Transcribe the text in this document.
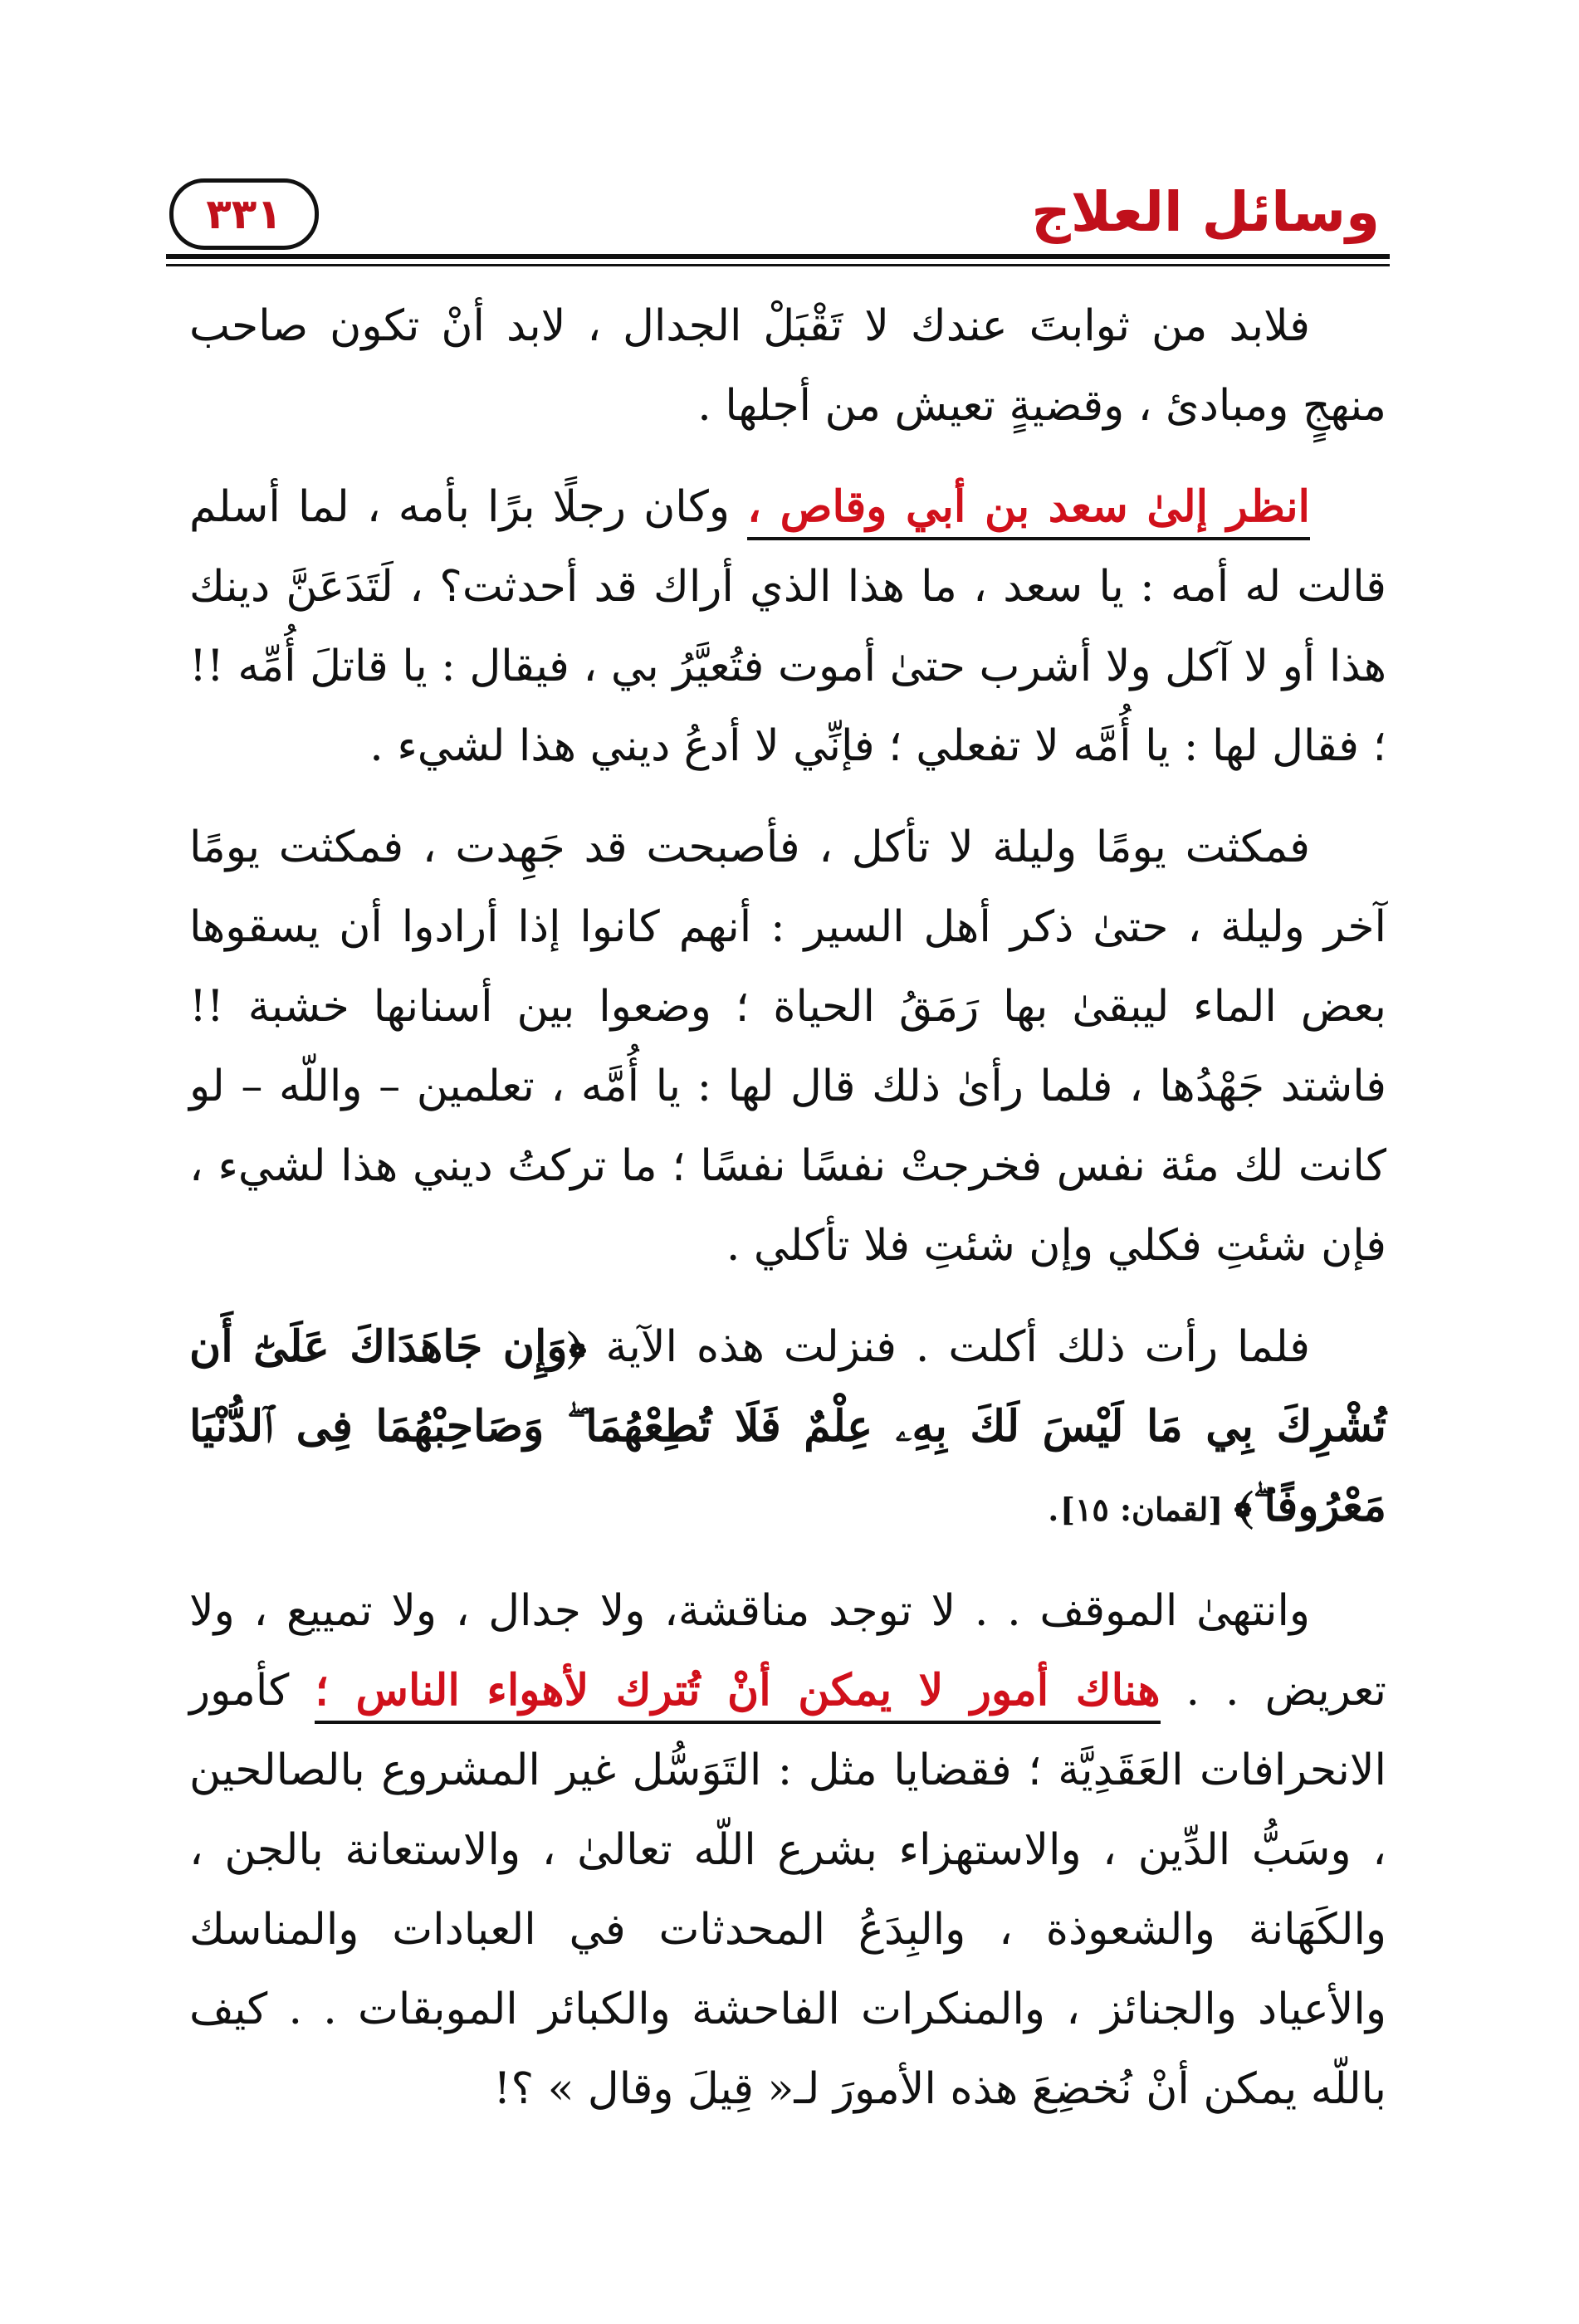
وسائل العلاج
٣٣١

فلابد من ثوابتَ عندك لا تَقْبَلْ الجدال ، لابد أنْ تكون صاحب منهجٍ ومبادئ ، وقضيةٍ تعيش من أجلها .

انظر إلىٰ سعد بن أبي وقاص ، وكان رجلًا برًا بأمه ، لما أسلم قالت له أمه : يا سعد ، ما هذا الذي أراك قد أحدثت؟ ، لَتَدَعَنَّ دينك هذا أو لا آكل ولا أشرب حتىٰ أموت فتُعيَّرُ بي ، فيقال : يا قاتلَ أُمِّه !! ؛ فقال لها : يا أُمَّه لا تفعلي ؛ فإنِّي لا أدعُ ديني هذا لشيء .

فمكثت يومًا وليلة لا تأكل ، فأصبحت قد جَهِدت ، فمكثت يومًا آخر وليلة ، حتىٰ ذكر أهل السير : أنهم كانوا إذا أرادوا أن يسقوها بعض الماء ليبقىٰ بها رَمَقُ الحياة ؛ وضعوا بين أسنانها خشبة !! فاشتد جَهْدُها ، فلما رأىٰ ذلك قال لها : يا أُمَّه ، تعلمين – واللّه – لو كانت لك مئة نفس فخرجتْ نفسًا نفسًا ؛ ما تركتُ ديني هذا لشيء ، فإن شئتِ فكلي وإن شئتِ فلا تأكلي .

فلما رأت ذلك أكلت . فنزلت هذه الآية ﴿وَإِن جَاهَدَاكَ عَلَىٰٓ أَن تُشْرِكَ بِي مَا لَيْسَ لَكَ بِهِۦ عِلْمٌ فَلَا تُطِعْهُمَا ۖ وَصَاحِبْهُمَا فِى ٱلدُّنْيَا مَعْرُوفًا ۖ﴾ [لقمان: ١٥].

وانتهىٰ الموقف . . لا توجد مناقشة، ولا جدال ، ولا تمييع ، ولا تعريض . . هناك أمور لا يمكن أنْ تُترك لأهواء الناس ؛ كأمور الانحرافات العَقَدِيَّة ؛ فقضايا مثل : التَوَسُّل غير المشروع بالصالحين ، وسَبُّ الدِّين ، والاستهزاء بشرع اللّه تعالىٰ ، والاستعانة بالجن ، والكَهَانة والشعوذة ، والبِدَعُ المحدثات في العبادات والمناسك والأعياد والجنائز ، والمنكرات الفاحشة والكبائر الموبقات . . كيف باللّه يمكن أنْ نُخضِعَ هذه الأمورَ لـ« قِيلَ وقال » ؟!
